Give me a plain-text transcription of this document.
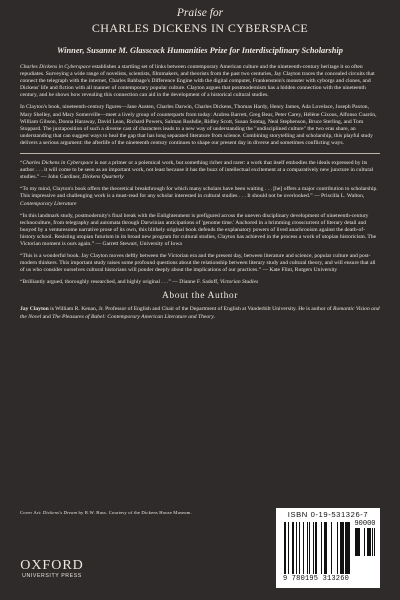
Praise for

CHARLES DICKENS IN CYBERSPACE

Winner, Susanne M. Glasscock Humanities Prize for Interdisciplinary Scholarship

Charles Dickens in Cyberspace establishes a startling set of links between contemporary American culture and the nineteenth-century heritage it so often repudiates. Surveying a wide range of novelists, scientists, filmmakers, and theorists from the past two centuries, Jay Clayton traces the concealed circuits that connect the telegraph with the internet, Charles Babbage's Difference Engine with the digital computer, Frankenstein's monster with cyborgs and clones, and Dickens' life and fiction with all manner of contemporary popular culture. Clayton argues that postmodernism has a hidden connection with the nineteenth century, and he shows how revealing this connection can aid in the development of a historical cultural studies.

In Clayton's book, nineteenth-century figures—Jane Austen, Charles Darwin, Charles Dickens, Thomas Hardy, Henry James, Ada Lovelace, Joseph Paxton, Mary Shelley, and Mary Somerville—meet a lively group of counterparts from today: Andrea Barrett, Greg Bear, Peter Carey, Hélène Cixous, Alfonso Cuarón, William Gibson, Donna Haraway, David Lean, Richard Powers, Salman Rushdie, Ridley Scott, Susan Sontag, Neal Stephenson, Bruce Sterling, and Tom Stoppard. The juxtaposition of such a diverse cast of characters leads to a new way of understanding the "undisciplined culture" the two eras share, an understanding that can suggest ways to heal the gap that has long separated literature from science. Combining storytelling and scholarship, this playful study delivers a serious argument: the afterlife of the nineteenth century continues to shape our present day in diverse and sometimes conflicting ways.

“Charles Dickens in Cyberspace is not a primer or a polemical work, but something richer and rarer: a work that itself embodies the ideals expressed by its author . . . it will come to be seen as an important work, not least because it has the buzz of intellectual excitement at a comparatively new juncture in cultural studies.” — John Gardiner, Dickens Quarterly

“To my mind, Clayton's book offers the theoretical breakthrough for which many scholars have been waiting . . . [he] offers a major contribution to scholarship. This impressive and challenging work is a must-read for any scholar interested in cultural studies . . . It should not be overlooked.” — Priscilla L. Walton, Contemporary Literature

“In this landmark study, postmodernity's final break with the Enlightenment is prefigured across the uneven disciplinary development of nineteenth-century technoculture, from telegraphy and automata through Darwinian anticipations of 'genome time.' Anchored in a brimming crosscurrent of literary detail and buoyed by a venturesome narrative prose of its own, this blithely original book defends the explanatory powers of lived anachronism against the death-of-history school. Resisting utopian futurism in its broad new program for cultural studies, Clayton has achieved in the process a work of utopian historicism. The Victorian moment is ours again.” — Garrett Stewart, University of Iowa

“This is a wonderful book. Jay Clayton moves deftly between the Victorian era and the present day, between literature and science, popular culture and post-modern thinkers. This important study raises some profound questions about the relationship between literary study and cultural theory, and will ensure that all of us who consider ourselves cultural historians will ponder deeply about the implications of our practices.” — Kate Flint, Rutgers University

“Brilliantly argued, thoroughly researched, and highly original . . .” — Dianne F. Sadoff, Victorian Studies

About the Author

Jay Clayton is William R. Kenan, Jr. Professor of English and Chair of the Department of English at Vanderbilt University. He is author of Romantic Vision and the Novel and The Pleasures of Babel: Contemporary American Literature and Theory.

Cover Art: Dickens's Dream by R.W. Buss. Courtesy of the Dickens House Museum.
OXFORD
UNIVERSITY PRESS
ISBN 0-19-531326-7
90000
9 780195 313260
